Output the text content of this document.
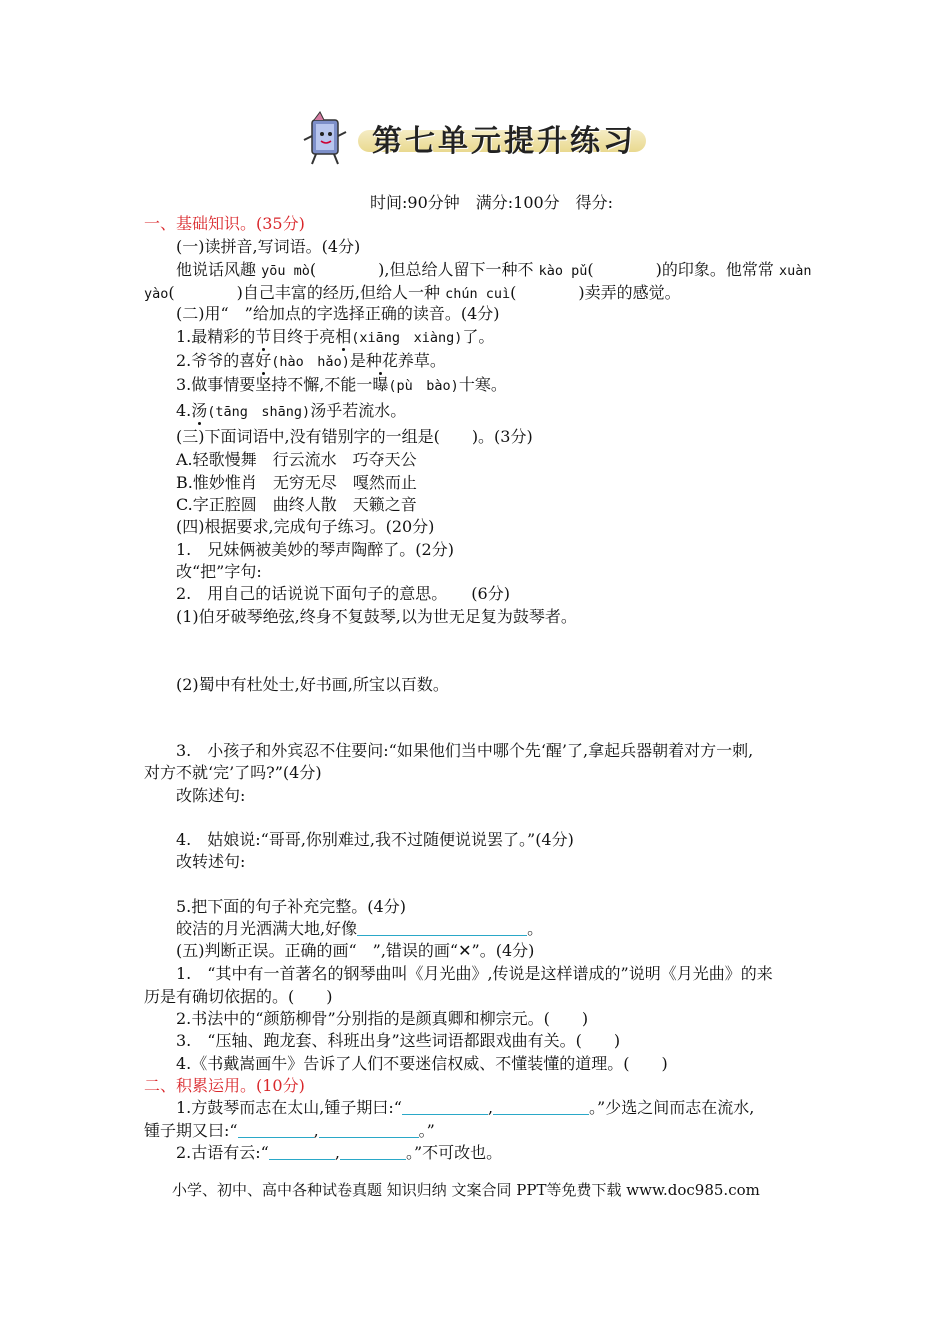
第七单元提升练习
时间:90分钟　满分:100分　得分:
一、基础知识。(35分)
(一)读拼音,写词语。(4分)
他说话风趣 yōu mò(	),但总给人留下一种不 kào pǔ(	)的印象。他常常 xuàn
yào(	)自己丰富的经历,但给人一种 chún cuì(	)卖弄的感觉。
(二)用“　”给加点的字选择正确的读音。(4分)
1.最精彩的节目终于亮相(xiāng　xiàng)了。
2.爷爷的喜好(hào　hǎo)是种花养草。
3.做事情要坚持不懈,不能一曝(pù　bào)十寒。
4.汤(tāng　shāng)汤乎若流水。
(三)下面词语中,没有错别字的一组是(　　)。(3分)
A.轻歌慢舞　行云流水　巧夺天公
B.惟妙惟肖　无穷无尽　嘎然而止
C.字正腔圆　曲终人散　天籁之音
(四)根据要求,完成句子练习。(20分)
1.　兄妹俩被美妙的琴声陶醉了。(2分)
改“把”字句:
2.　用自己的话说说下面句子的意思。　　(6分)
(1)伯牙破琴绝弦,终身不复鼓琴,以为世无足复为鼓琴者。
(2)蜀中有杜处士,好书画,所宝以百数。
3.　小孩子和外宾忍不住要问:“如果他们当中哪个先‘醒’了,拿起兵器朝着对方一刺,
对方不就‘完’了吗?”(4分)
改陈述句:
4.　姑娘说:“哥哥,你别难过,我不过随便说说罢了。”(4分)
改转述句:
5.把下面的句子补充完整。(4分)
皎洁的月光洒满大地,好像	。
(五)判断正误。正确的画“　”,错误的画“✕”。(4分)
1.　“其中有一首著名的钢琴曲叫《月光曲》,传说是这样谱成的”说明《月光曲》的来
历是有确切依据的。(　　)
2.书法中的“颜筋柳骨”分别指的是颜真卿和柳宗元。(　　)
3.　“压轴、跑龙套、科班出身”这些词语都跟戏曲有关。(　　)
4.《书戴嵩画牛》告诉了人们不要迷信权威、不懂装懂的道理。(　　)
二、积累运用。(10分)
1.方鼓琴而志在太山,锺子期曰:“	,	。”少选之间而志在流水,
锺子期又曰:“	,	。”
2.古语有云:“	,	。”不可改也。
小学、初中、高中各种试卷真题 知识归纳 文案合同 PPT等免费下载 www.doc985.com
